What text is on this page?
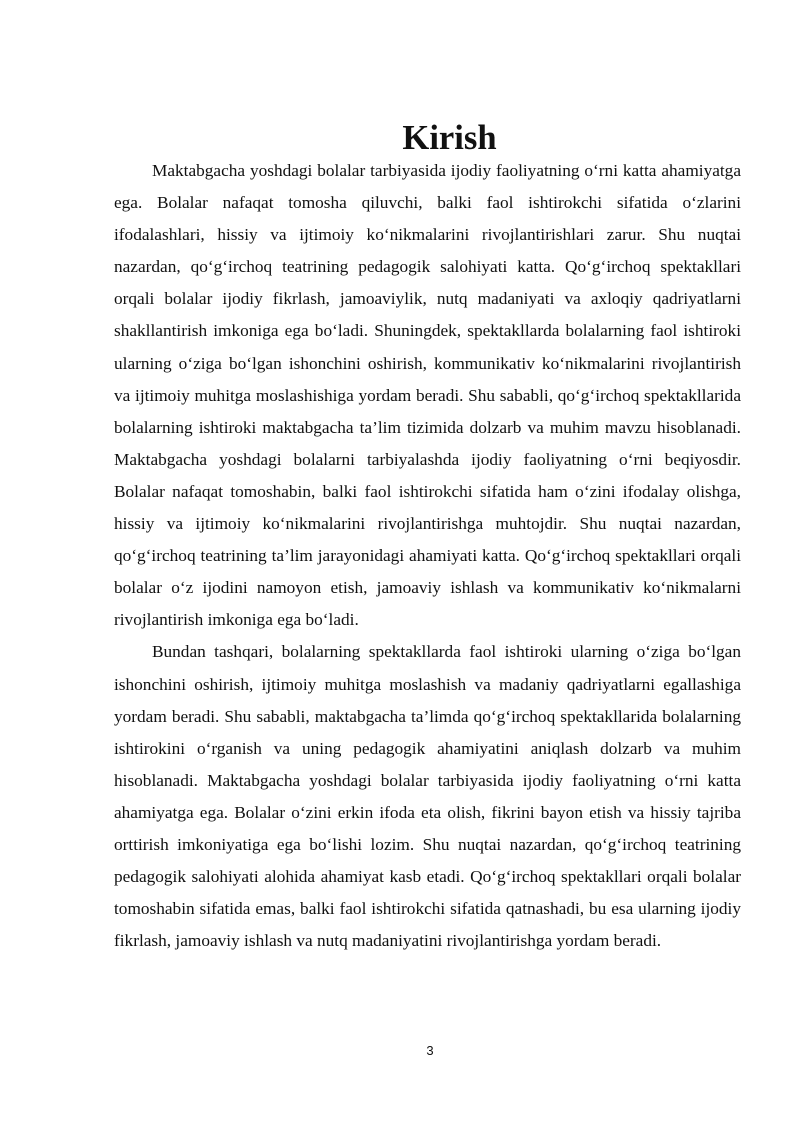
Kirish

Maktabgacha yoshdagi bolalar tarbiyasida ijodiy faoliyatning o‘rni katta ahamiyatga ega. Bolalar nafaqat tomosha qiluvchi, balki faol ishtirokchi sifatida o‘zlarini ifodalashlari, hissiy va ijtimoiy ko‘nikmalarini rivojlantirishlari zarur. Shu nuqtai nazardan, qo‘g‘irchoq teatrining pedagogik salohiyati katta. Qo‘g‘irchoq spektakllari orqali bolalar ijodiy fikrlash, jamoaviylik, nutq madaniyati va axloqiy qadriyatlarni shakllantirish imkoniga ega bo‘ladi. Shuningdek, spektakllarda bolalarning faol ishtiroki ularning o‘ziga bo‘lgan ishonchini oshirish, kommunikativ ko‘nikmalarini rivojlantirish va ijtimoiy muhitga moslashishiga yordam beradi. Shu sababli, qo‘g‘irchoq spektakllarida bolalarning ishtiroki maktabgacha ta’lim tizimida dolzarb va muhim mavzu hisoblanadi. Maktabgacha yoshdagi bolalarni tarbiyalashda ijodiy faoliyatning o‘rni beqiyosdir. Bolalar nafaqat tomoshabin, balki faol ishtirokchi sifatida ham o‘zini ifodalay olishga, hissiy va ijtimoiy ko‘nikmalarini rivojlantirishga muhtojdir. Shu nuqtai nazardan, qo‘g‘irchoq teatrining ta’lim jarayonidagi ahamiyati katta. Qo‘g‘irchoq spektakllari orqali bolalar o‘z ijodini namoyon etish, jamoaviy ishlash va kommunikativ ko‘nikmalarni rivojlantirish imkoniga ega bo‘ladi.

Bundan tashqari, bolalarning spektakllarda faol ishtiroki ularning o‘ziga bo‘lgan ishonchini oshirish, ijtimoiy muhitga moslashish va madaniy qadriyatlarni egallashiga yordam beradi. Shu sababli, maktabgacha ta’limda qo‘g‘irchoq spektakllarida bolalarning ishtirokini o‘rganish va uning pedagogik ahamiyatini aniqlash dolzarb va muhim hisoblanadi. Maktabgacha yoshdagi bolalar tarbiyasida ijodiy faoliyatning o‘rni katta ahamiyatga ega. Bolalar o‘zini erkin ifoda eta olish, fikrini bayon etish va hissiy tajriba orttirish imkoniyatiga ega bo‘lishi lozim. Shu nuqtai nazardan, qo‘g‘irchoq teatrining pedagogik salohiyati alohida ahamiyat kasb etadi. Qo‘g‘irchoq spektakllari orqali bolalar tomoshabin sifatida emas, balki faol ishtirokchi sifatida qatnashadi, bu esa ularning ijodiy fikrlash, jamoaviy ishlash va nutq madaniyatini rivojlantirishga yordam beradi.

3
